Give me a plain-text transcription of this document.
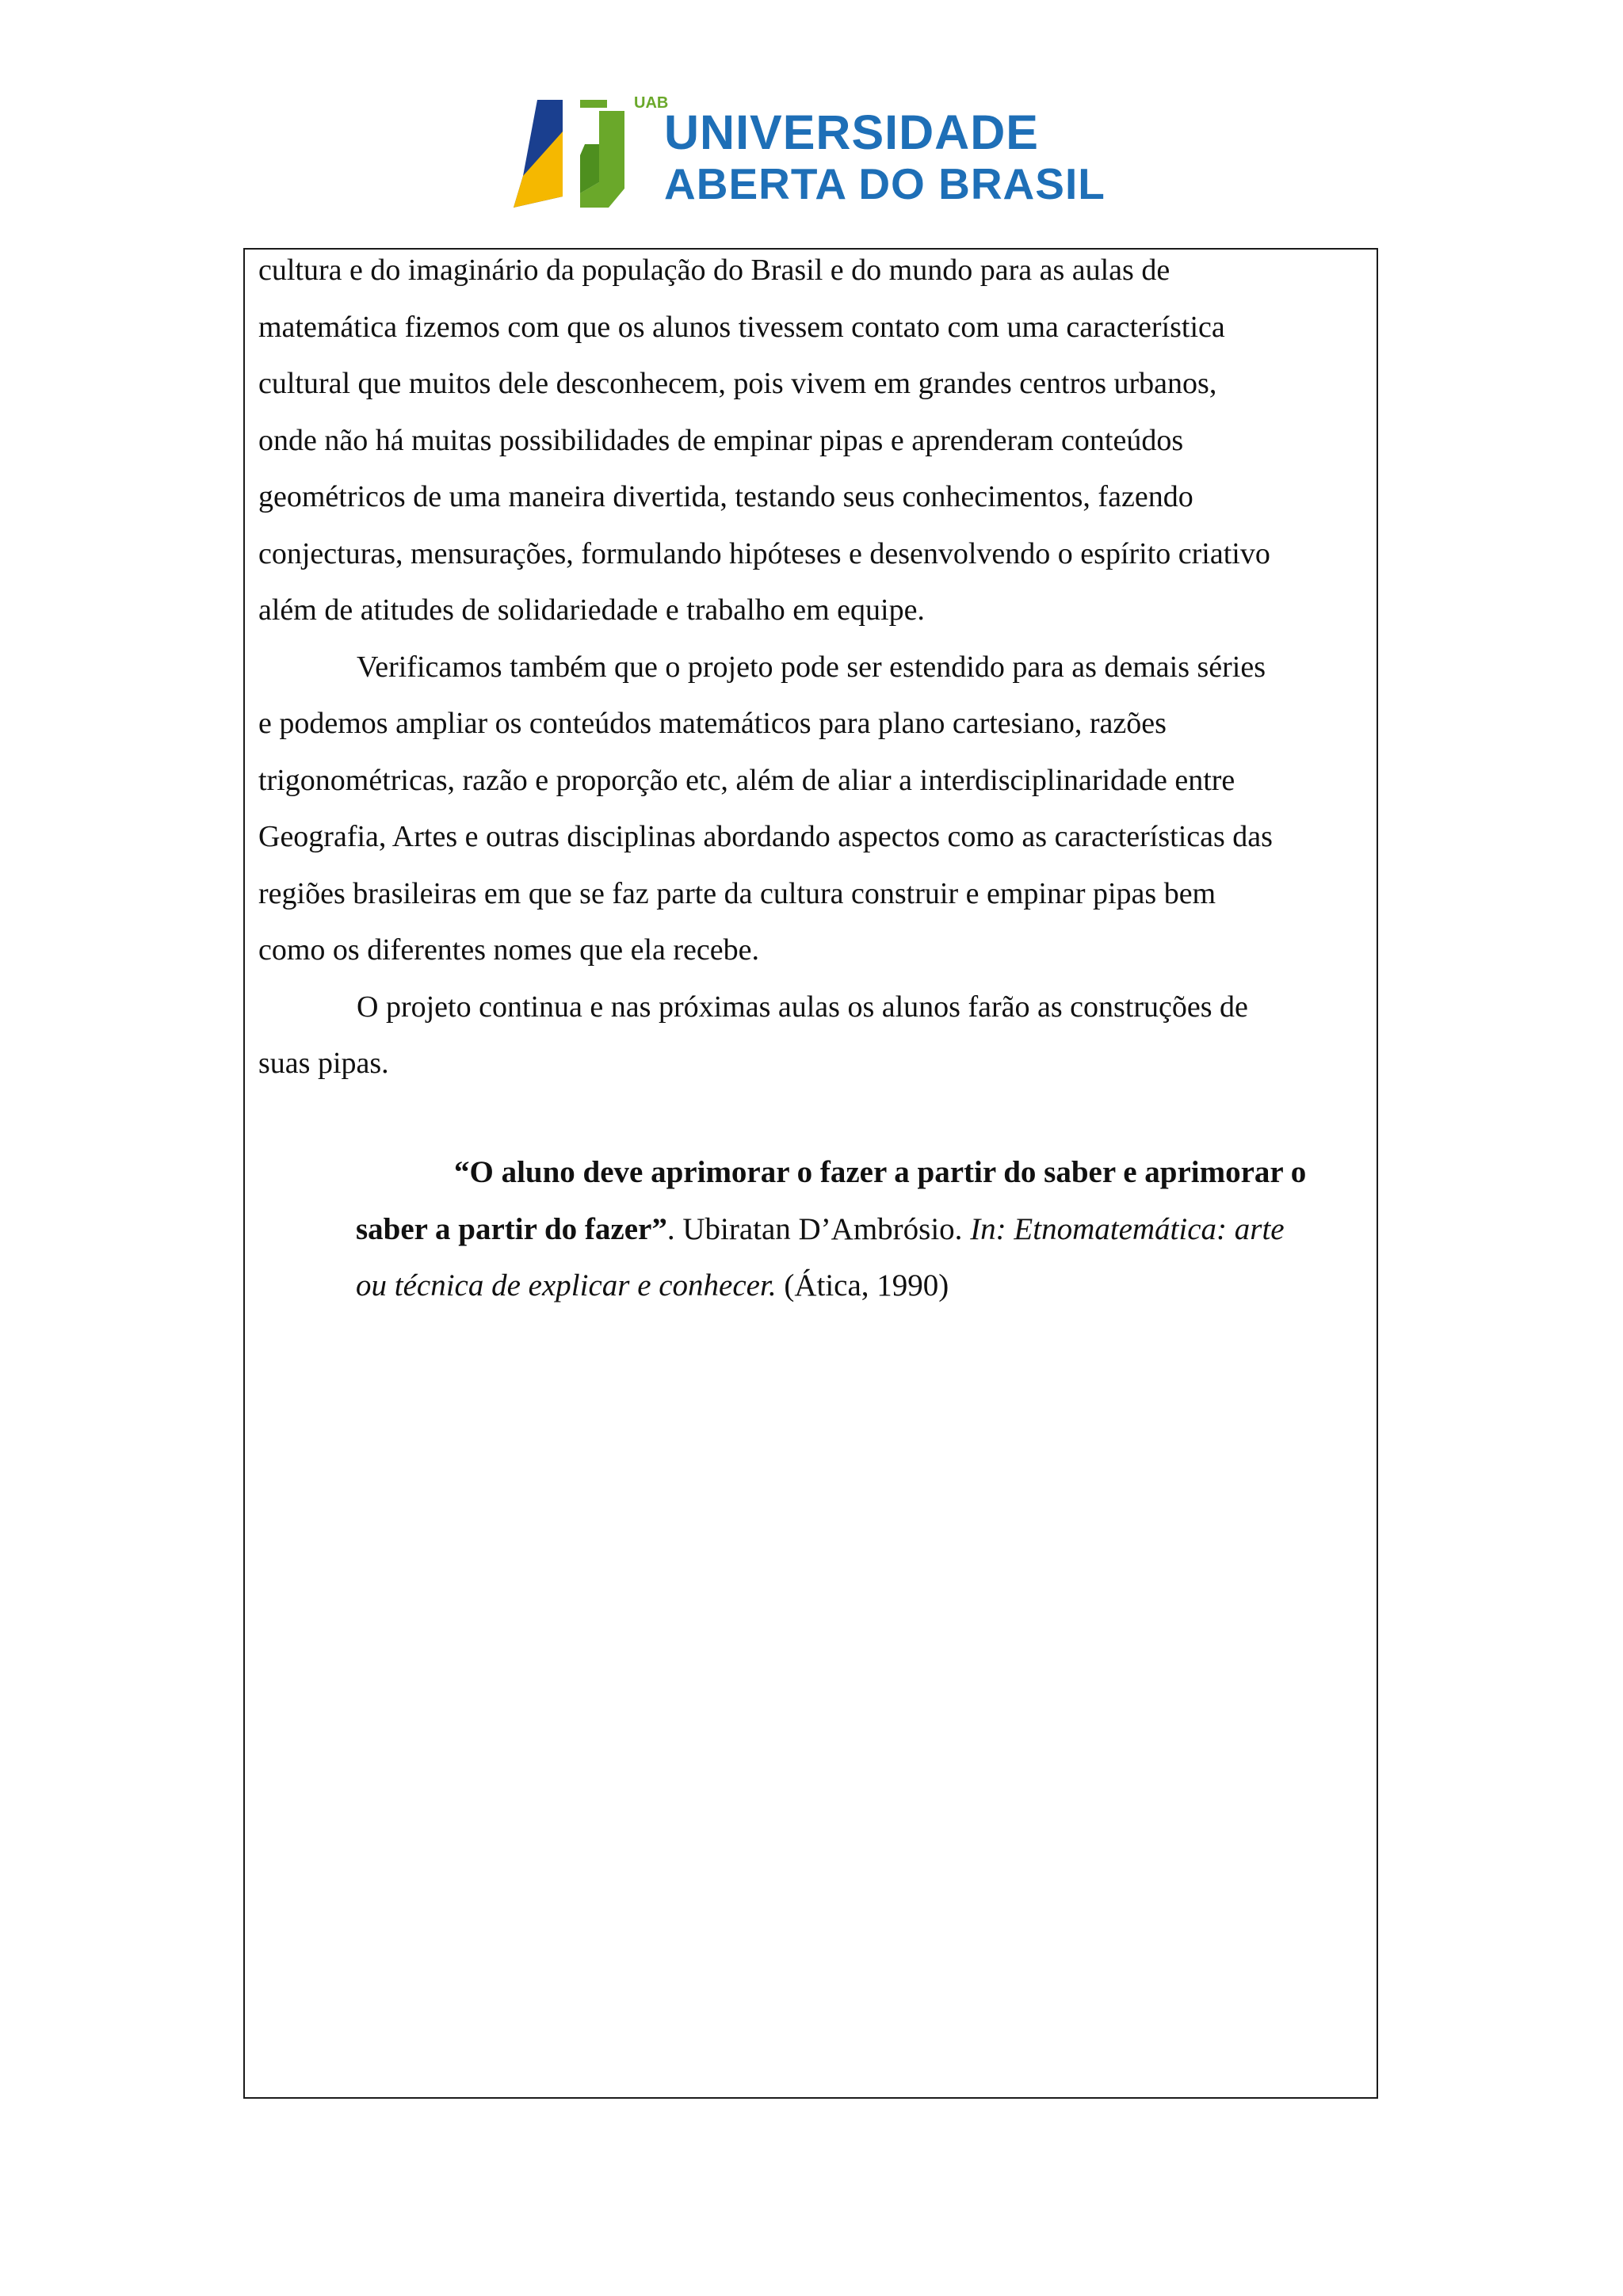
UAB
UNIVERSIDADE
ABERTA DO BRASIL

cultura e do imaginário da população do Brasil e do mundo para as aulas de

matemática fizemos com que os alunos tivessem contato com uma característica

cultural que muitos dele desconhecem, pois vivem em grandes centros urbanos,

onde não há muitas possibilidades de empinar pipas e aprenderam conteúdos

geométricos de uma maneira divertida, testando seus conhecimentos, fazendo

conjecturas, mensurações, formulando hipóteses e desenvolvendo o espírito criativo

além de atitudes de solidariedade e trabalho em equipe.

Verificamos também que o projeto pode ser estendido para as demais séries

e podemos ampliar os conteúdos matemáticos para plano cartesiano, razões

trigonométricas, razão e proporção etc, além de aliar a interdisciplinaridade entre

Geografia, Artes e outras disciplinas abordando aspectos como as características das

regiões brasileiras em que se faz parte da cultura construir e empinar pipas bem

como os diferentes nomes que ela recebe.

O projeto continua e nas próximas aulas os alunos farão as construções de

suas pipas.

“O aluno deve aprimorar o fazer a partir do saber e aprimorar o

saber a partir do fazer”. Ubiratan D’Ambrósio. In: Etnomatemática: arte

ou técnica de explicar e conhecer. (Ática, 1990)
